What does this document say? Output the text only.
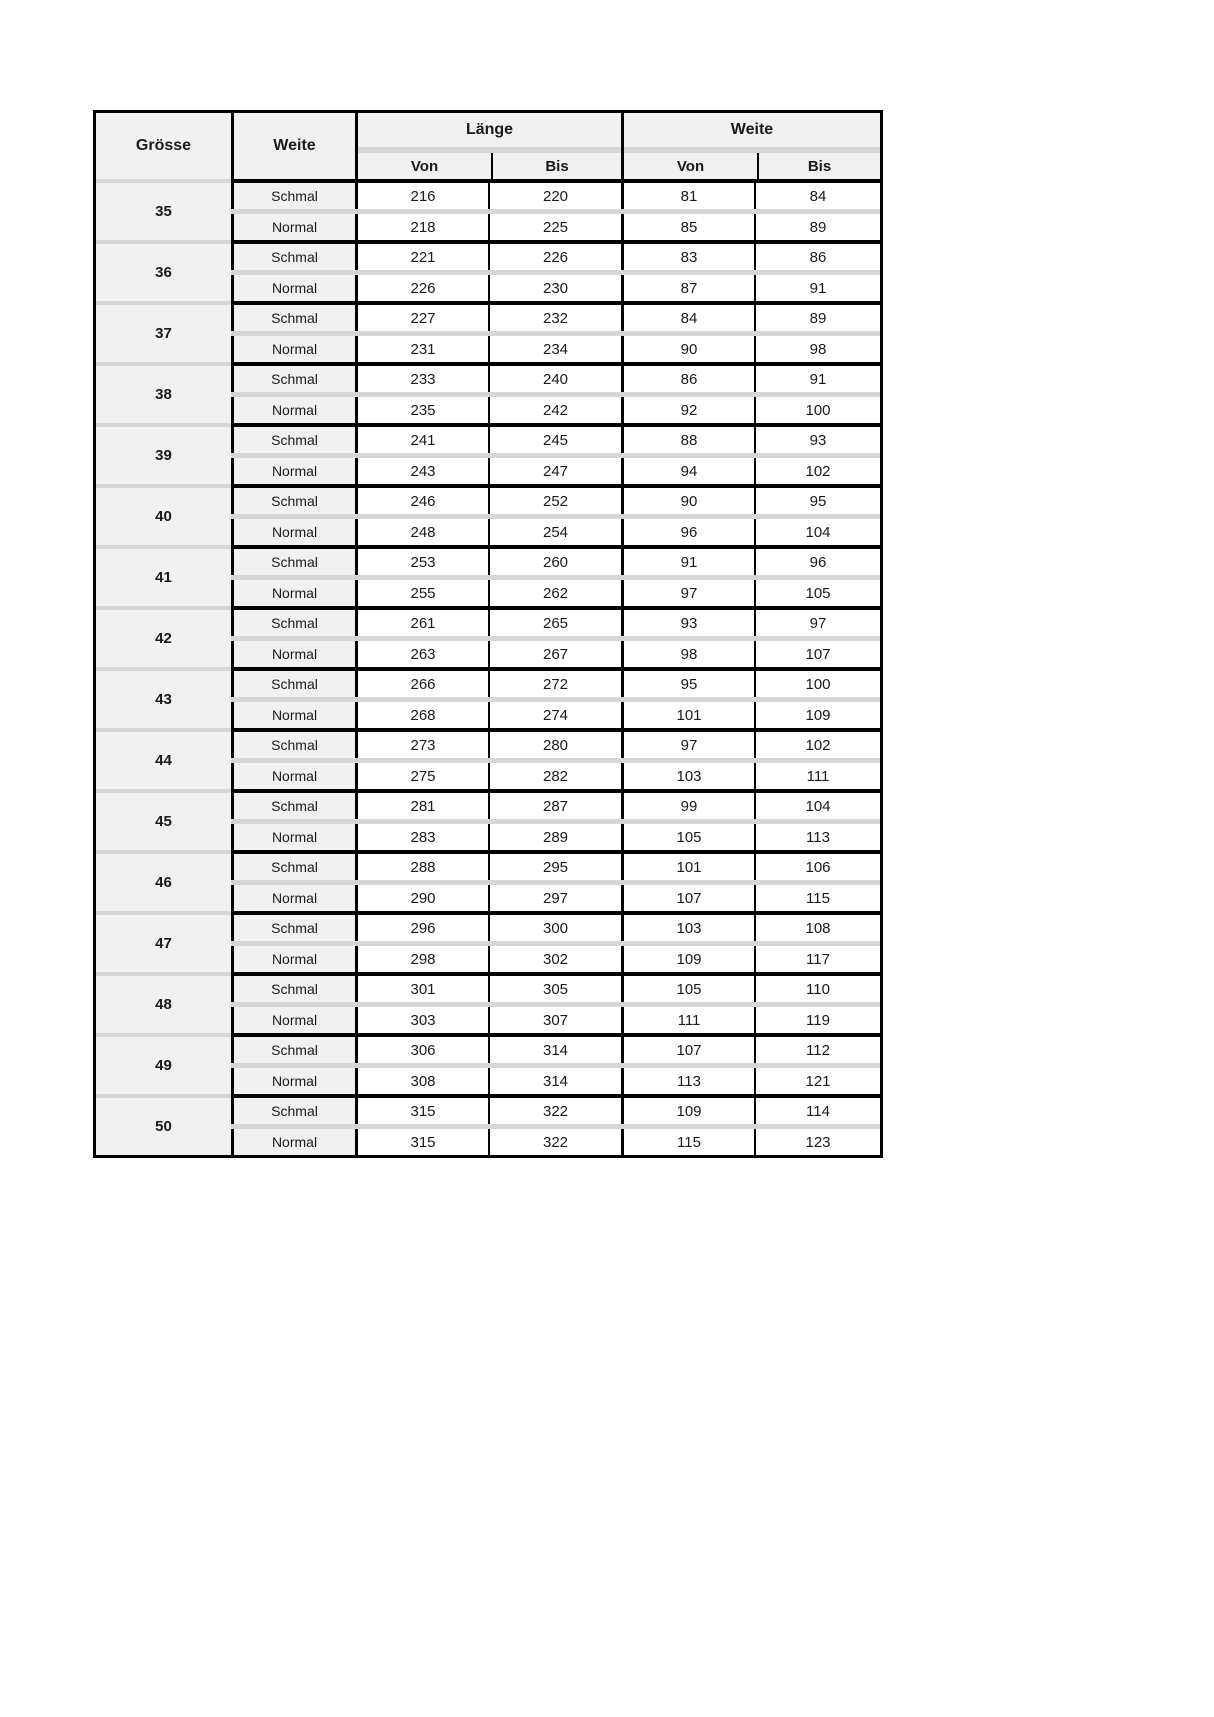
Grösse	Weite
Länge
Von	Bis
Weite
Von	Bis
35
Schmal	216	220	81	84
Normal	218	225	85	89
36
Schmal	221	226	83	86
Normal	226	230	87	91
37
Schmal	227	232	84	89
Normal	231	234	90	98
38
Schmal	233	240	86	91
Normal	235	242	92	100
39
Schmal	241	245	88	93
Normal	243	247	94	102
40
Schmal	246	252	90	95
Normal	248	254	96	104
41
Schmal	253	260	91	96
Normal	255	262	97	105
42
Schmal	261	265	93	97
Normal	263	267	98	107
43
Schmal	266	272	95	100
Normal	268	274	101	109
44
Schmal	273	280	97	102
Normal	275	282	103	111
45
Schmal	281	287	99	104
Normal	283	289	105	113
46
Schmal	288	295	101	106
Normal	290	297	107	115
47
Schmal	296	300	103	108
Normal	298	302	109	117
48
Schmal	301	305	105	110
Normal	303	307	111	119
49
Schmal	306	314	107	112
Normal	308	314	113	121
50
Schmal	315	322	109	114
Normal	315	322	115	123
